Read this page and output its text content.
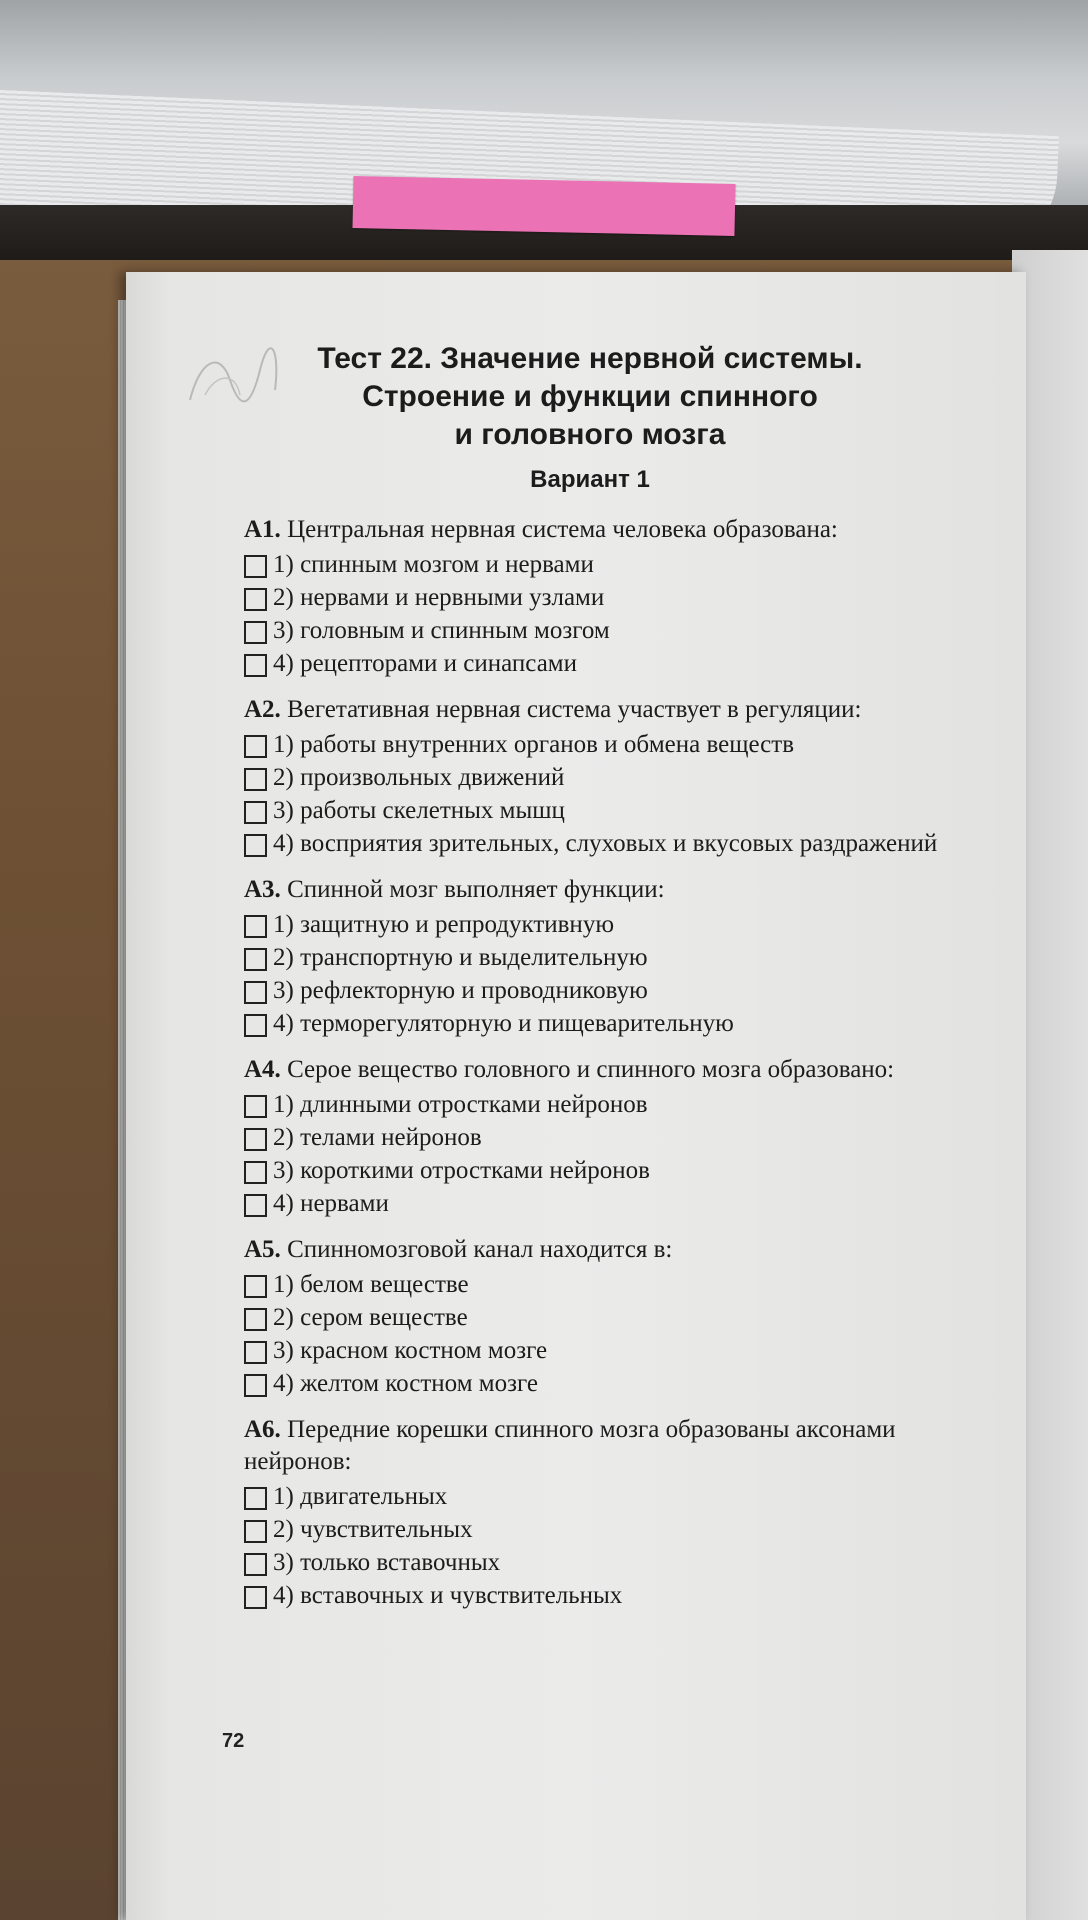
Тест 22. Значение нервной системы.
Строение и функции спинного
и головного мозга
Вариант 1
А1. Центральная нервная система человека образована:
1) спинным мозгом и нервами
2) нервами и нервными узлами
3) головным и спинным мозгом
4) рецепторами и синапсами
А2. Вегетативная нервная система участвует в регуляции:
1) работы внутренних органов и обмена веществ
2) произвольных движений
3) работы скелетных мышц
4) восприятия зрительных, слуховых и вкусовых раздражений
А3. Спинной мозг выполняет функции:
1) защитную и репродуктивную
2) транспортную и выделительную
3) рефлекторную и проводниковую
4) терморегуляторную и пищеварительную
А4. Серое вещество головного и спинного мозга образовано:
1) длинными отростками нейронов
2) телами нейронов
3) короткими отростками нейронов
4) нервами
А5. Спинномозговой канал находится в:
1) белом веществе
2) сером веществе
3) красном костном мозге
4) желтом костном мозге
А6. Передние корешки спинного мозга образованы аксонами нейронов:
1) двигательных
2) чувствительных
3) только вставочных
4) вставочных и чувствительных
72
